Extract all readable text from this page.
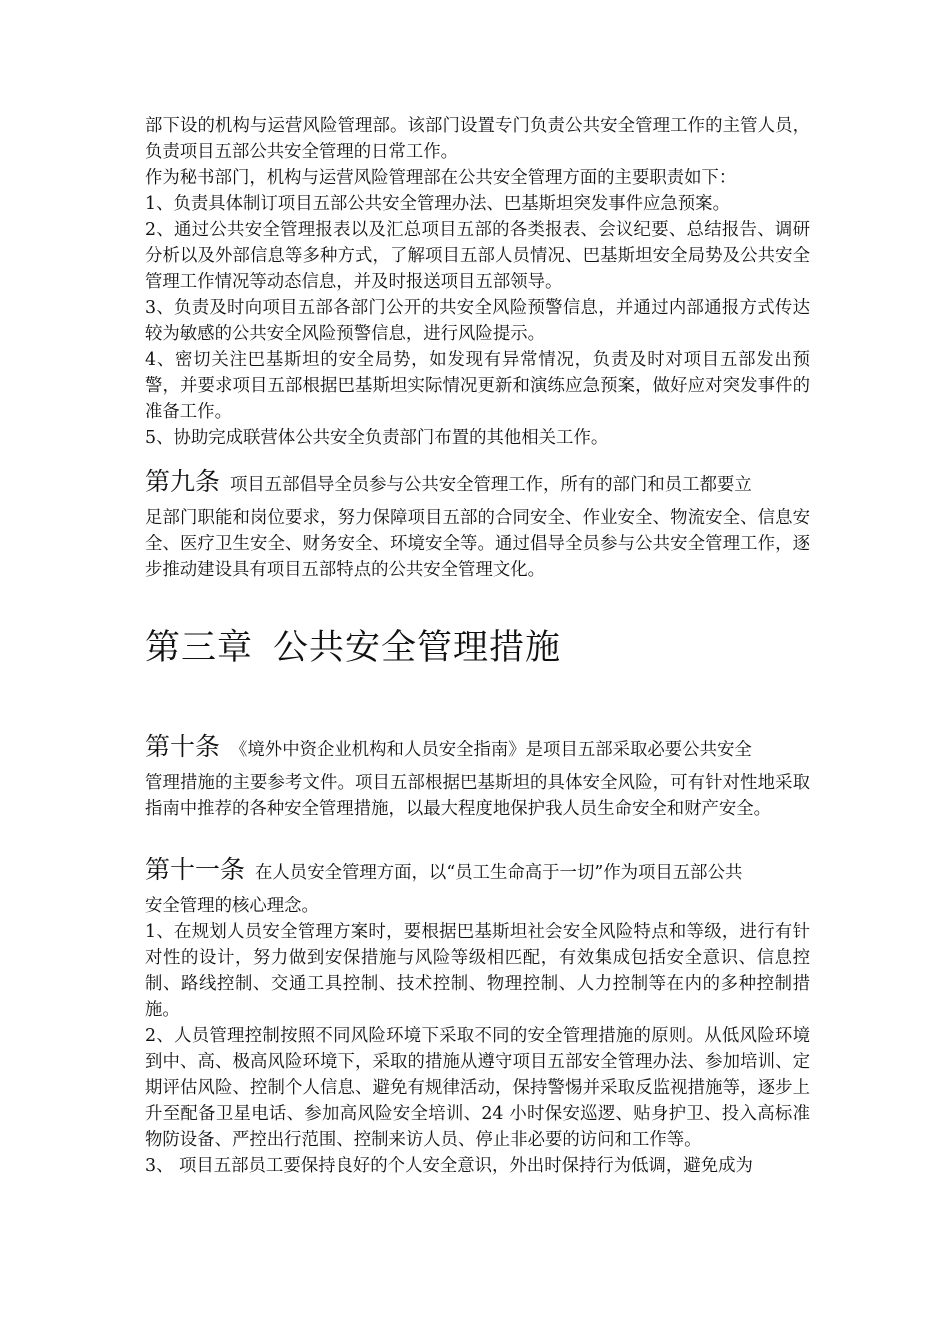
部下设的机构与运营风险管理部。该部门设置专门负责公共安全管理工作的主管人员，负责项目五部公共安全管理的日常工作。

作为秘书部门，机构与运营风险管理部在公共安全管理方面的主要职责如下：

1、负责具体制订项目五部公共安全管理办法、巴基斯坦突发事件应急预案。

2、通过公共安全管理报表以及汇总项目五部的各类报表、会议纪要、总结报告、调研分析以及外部信息等多种方式，了解项目五部人员情况、巴基斯坦安全局势及公共安全管理工作情况等动态信息，并及时报送项目五部领导。

3、负责及时向项目五部各部门公开的共安全风险预警信息，并通过内部通报方式传达较为敏感的公共安全风险预警信息，进行风险提示。

4、密切关注巴基斯坦的安全局势，如发现有异常情况，负责及时对项目五部发出预警，并要求项目五部根据巴基斯坦实际情况更新和演练应急预案，做好应对突发事件的准备工作。

5、协助完成联营体公共安全负责部门布置的其他相关工作。

第九条 项目五部倡导全员参与公共安全管理工作，所有的部门和员工都要立

足部门职能和岗位要求，努力保障项目五部的合同安全、作业安全、物流安全、信息安全、医疗卫生安全、财务安全、环境安全等。通过倡导全员参与公共安全管理工作，逐步推动建设具有项目五部特点的公共安全管理文化。

第三章 公共安全管理措施
第十条 《境外中资企业机构和人员安全指南》是项目五部采取必要公共安全

管理措施的主要参考文件。项目五部根据巴基斯坦的具体安全风险，可有针对性地采取指南中推荐的各种安全管理措施，以最大程度地保护我人员生命安全和财产安全。

第十一条 在人员安全管理方面，以“员工生命高于一切”作为项目五部公共

安全管理的核心理念。

1、在规划人员安全管理方案时，要根据巴基斯坦社会安全风险特点和等级，进行有针对性的设计，努力做到安保措施与风险等级相匹配，有效集成包括安全意识、信息控制、路线控制、交通工具控制、技术控制、物理控制、人力控制等在内的多种控制措施。

2、人员管理控制按照不同风险环境下采取不同的安全管理措施的原则。从低风险环境到中、高、极高风险环境下，采取的措施从遵守项目五部安全管理办法、参加培训、定期评估风险、控制个人信息、避免有规律活动，保持警惕并采取反监视措施等，逐步上升至配备卫星电话、参加高风险安全培训、24 小时保安巡逻、贴身护卫、投入高标准物防设备、严控出行范围、控制来访人员、停止非必要的访问和工作等。

3、 项目五部员工要保持良好的个人安全意识，外出时保持行为低调，避免成为
